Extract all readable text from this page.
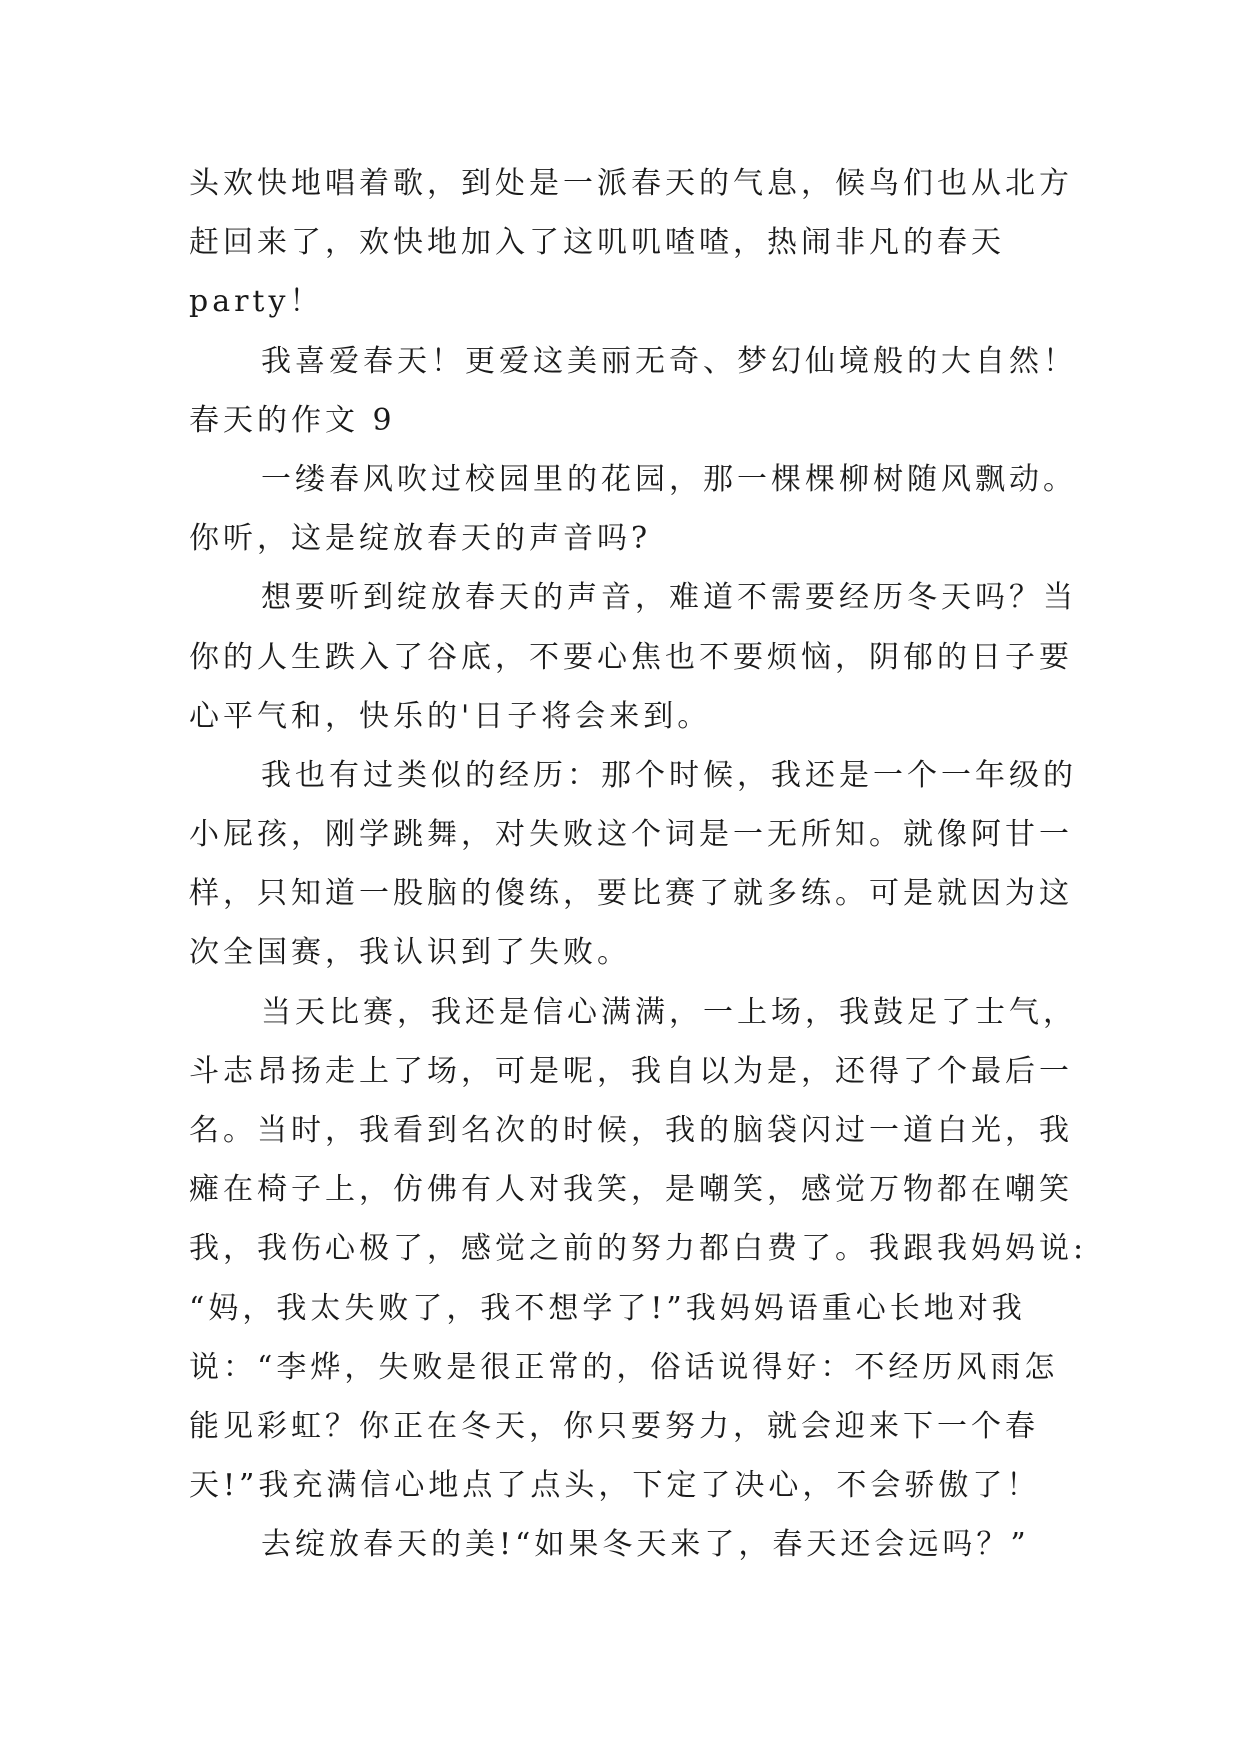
头欢快地唱着歌，到处是一派春天的气息，候鸟们也从北方
赶回来了，欢快地加入了这叽叽喳喳，热闹非凡的春天
party！
我喜爱春天！更爱这美丽无奇、梦幻仙境般的大自然！
春天的作文 9
一缕春风吹过校园里的花园，那一棵棵柳树随风飘动。
你听，这是绽放春天的声音吗?
想要听到绽放春天的声音，难道不需要经历冬天吗？当
你的人生跌入了谷底，不要心焦也不要烦恼，阴郁的日子要
心平气和，快乐的'日子将会来到。
我也有过类似的经历：那个时候，我还是一个一年级的
小屁孩，刚学跳舞，对失败这个词是一无所知。就像阿甘一
样，只知道一股脑的傻练，要比赛了就多练。可是就因为这
次全国赛，我认识到了失败。
当天比赛，我还是信心满满，一上场，我鼓足了士气，
斗志昂扬走上了场，可是呢，我自以为是，还得了个最后一
名。当时，我看到名次的时候，我的脑袋闪过一道白光，我
瘫在椅子上，仿佛有人对我笑，是嘲笑，感觉万物都在嘲笑
我，我伤心极了，感觉之前的努力都白费了。我跟我妈妈说:
“妈，我太失败了，我不想学了!”我妈妈语重心长地对我
说：“李烨，失败是很正常的，俗话说得好：不经历风雨怎
能见彩虹？你正在冬天，你只要努力，就会迎来下一个春
天!”我充满信心地点了点头，下定了决心，不会骄傲了！
去绽放春天的美!“如果冬天来了，春天还会远吗？”
